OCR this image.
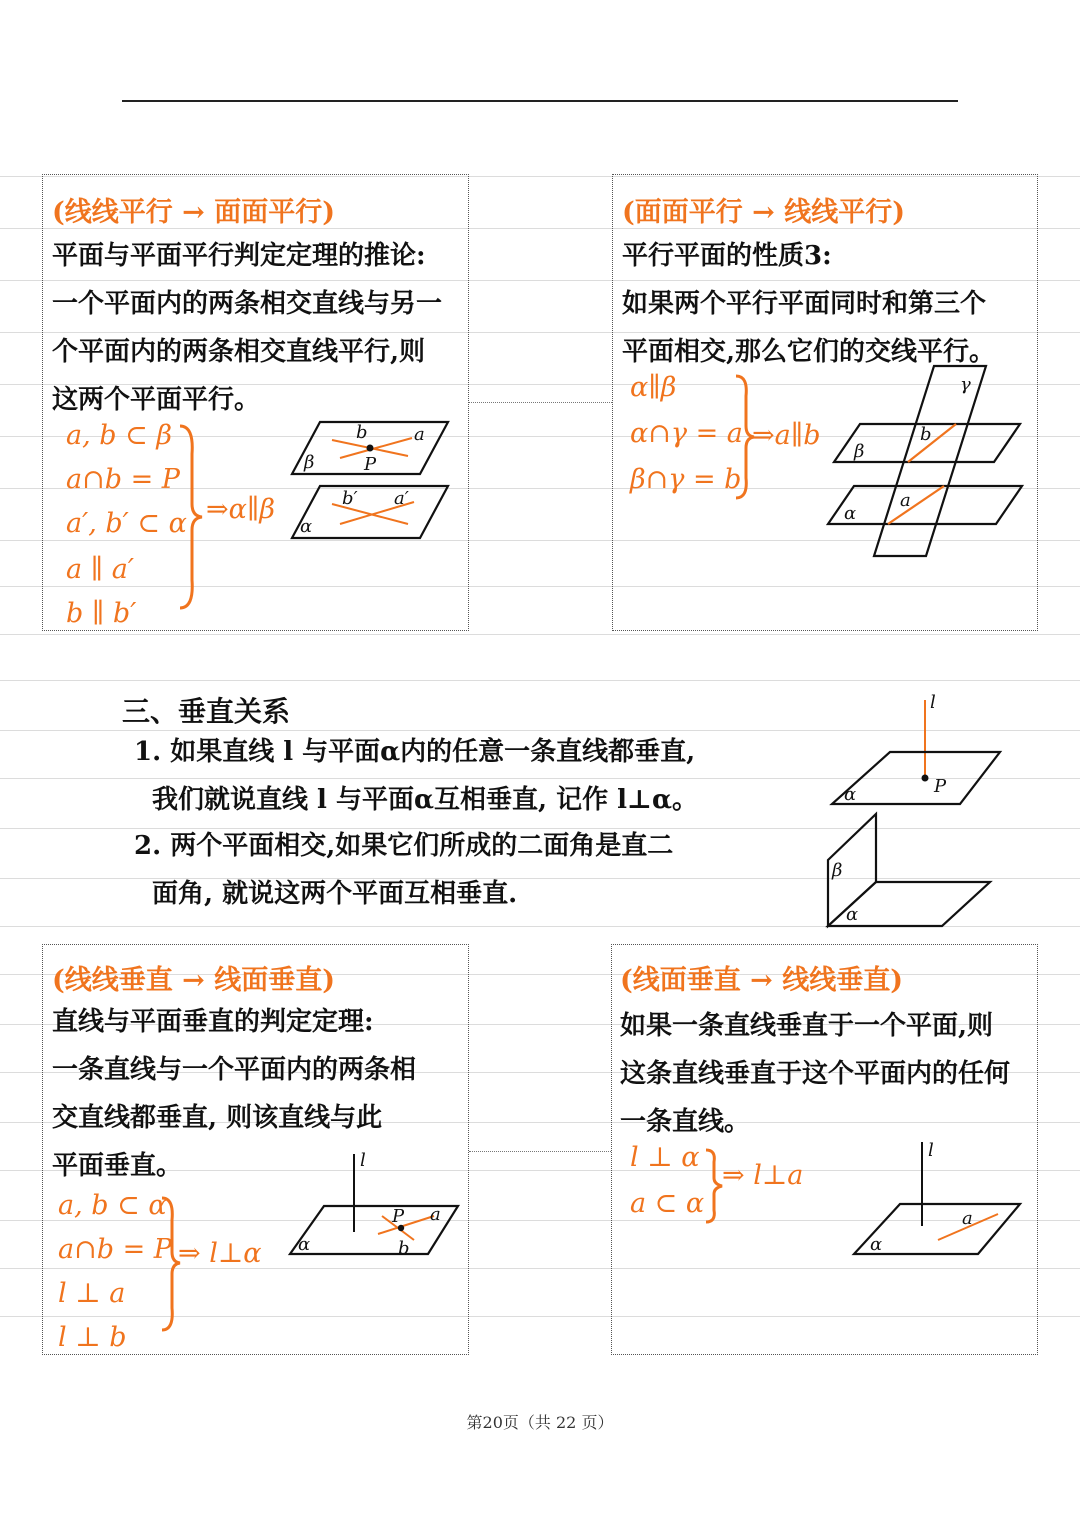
(线线平行 → 面面平行)
平面与平面平行判定定理的推论:
一个平面内的两条相交直线与另一
个平面内的两条相交直线平行,则
这两个平面平行。
a, b ⊂ β
a∩b = P
a′, b′ ⊂ α
a ∥ a′
b ∥ b′
⇒α∥β
β
b	a
P
b′ a′
α
(面面平行 → 线线平行)
平行平面的性质3:
如果两个平行平面同时和第三个
平面相交,那么它们的交线平行。
α∥β
α∩γ = a
β∩γ = b
⇒a∥b
γ
β
α
b
a
三、垂直关系
1. 如果直线 l 与平面α内的任意一条直线都垂直,
我们就说直线 l 与平面α互相垂直, 记作 l⊥α。
2. 两个平面相交,如果它们所成的二面角是直二
面角, 就说这两个平面互相垂直.
l
P
α
β
α
(线线垂直 → 线面垂直)
直线与平面垂直的判定定理:
一条直线与一个平面内的两条相
交直线都垂直, 则该直线与此
平面垂直。
a, b ⊂ α
a∩b = P
l ⊥ a
l ⊥ b
⇒ l⊥α
l
α
P a
b
(线面垂直 → 线线垂直)
如果一条直线垂直于一个平面,则
这条直线垂直于这个平面内的任何
一条直线。
l ⊥ α
a ⊂ α
⇒ l⊥a
l
α
a
第20页（共 22 页）
